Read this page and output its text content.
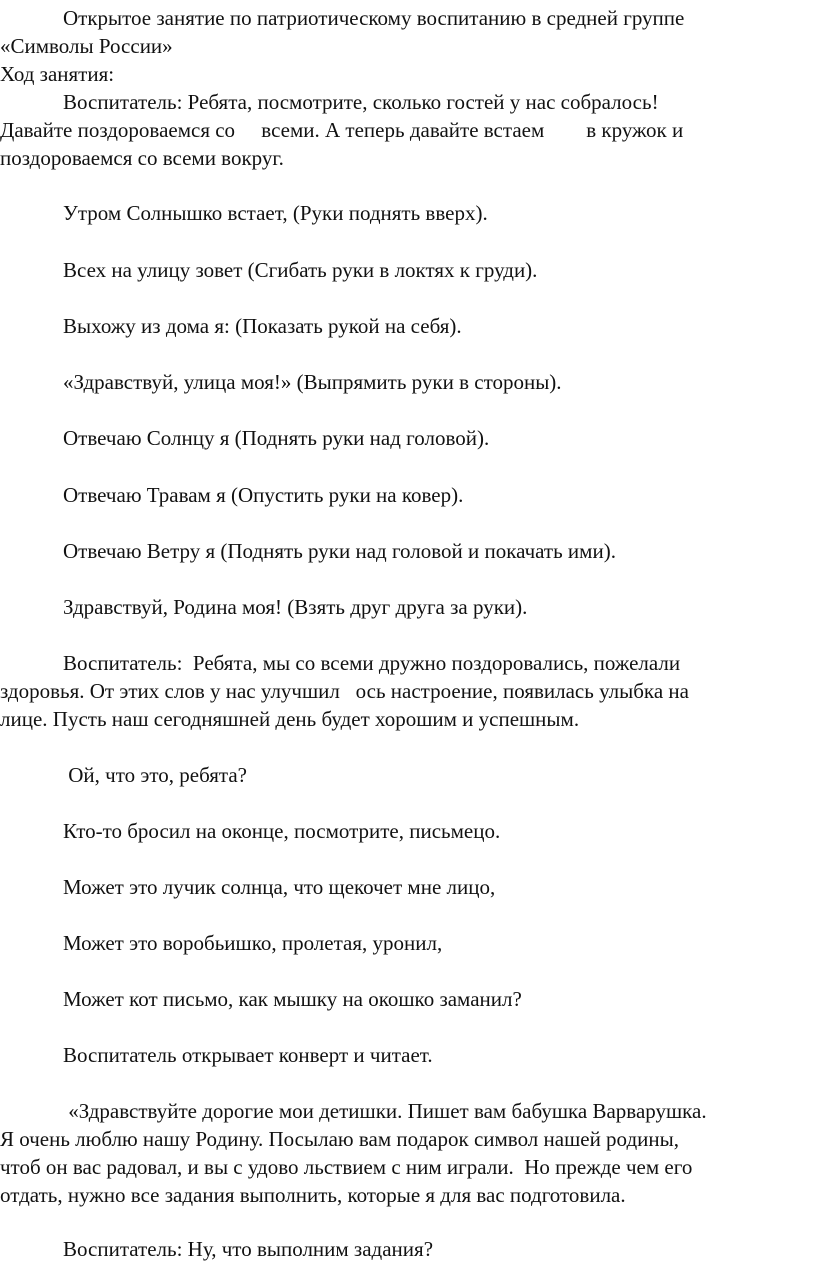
Открытое занятие по патриотическому воспитанию в средней группе

«Символы России»

Ход занятия:

Воспитатель: Ребята, посмотрите, сколько гостей у нас собралось!

Давайте поздороваемся со     всеми. А теперь давайте встаем        в кружок и

поздороваемся со всеми вокруг.

Утром Солнышко встает, (Руки поднять вверх).

Всех на улицу зовет (Сгибать руки в локтях к груди).

Выхожу из дома я: (Показать рукой на себя).

«Здравствуй, улица моя!» (Выпрямить руки в стороны).

Отвечаю Солнцу я (Поднять руки над головой).

Отвечаю Травам я (Опустить руки на ковер).

Отвечаю Ветру я (Поднять руки над головой и покачать ими).

Здравствуй, Родина моя! (Взять друг друга за руки).

Воспитатель:  Ребята, мы со всеми дружно поздоровались, пожелали

здоровья. От этих слов у нас улучшил   ось настроение, появилась улыбка на

лице. Пусть наш сегодняшней день будет хорошим и успешным.

Ой, что это, ребята?

Кто-то бросил на оконце, посмотрите, письмецо.

Может это лучик солнца, что щекочет мне лицо,

Может это воробьишко, пролетая, уронил,

Может кот письмо, как мышку на окошко заманил?

Воспитатель открывает конверт и читает.

«Здравствуйте дорогие мои детишки. Пишет вам бабушка Варварушка.

Я очень люблю нашу Родину. Посылаю вам подарок символ нашей родины,

чтоб он вас радовал, и вы с удово льствием с ним играли.  Но прежде чем его

отдать, нужно все задания выполнить, которые я для вас подготовила.

Воспитатель: Ну, что выполним задания?
